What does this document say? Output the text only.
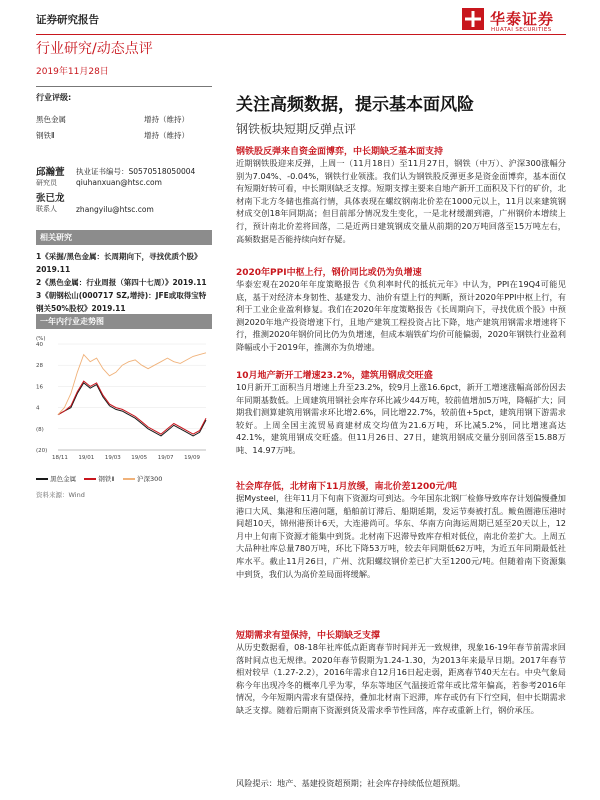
证券研究报告	华泰证券
HUATAI SECURITIES
行业研究/动态点评
2019年11月28日
行业评级:
黑色金属	增持（维持）
钢铁Ⅱ	增持（维持）
邱瀚萱
研究员
执业证书编号：S0570518050004
qiuhanxuan@htsc.com
张已龙
联系人	zhangyilu@htsc.com
相关研究
1《采掘/黑色金属：长周期向下，寻找优质个股》2019.11
2《黑色金属：行业周报（第四十七周）》2019.11
3《朝钢松山(000717 SZ,增持)：JFE或取得宝特钢关50%股权》2019.11
一年内行业走势图
(%)
40
28
16
4
(8)
(20)
18/11 19/01 19/03 19/05 19/07 19/09
黑色金属	钢铁Ⅱ	沪深300
资料来源：Wind
关注高频数据，提示基本面风险
钢铁板块短期反弹点评
钢铁股反弹来自资金面博弈，中长期缺乏基本面支持

近期钢铁股迎来反弹，上周一（11月18日）至11月27日，钢铁（中万）、沪深300涨幅分别为7.04%、-0.04%，钢铁行业领涨。我们认为钢铁股反弹更多是资金面博弈，基本面仅有短期好转可看，中长期则缺乏支撑。短期支撑主要来自地产新开工面积及下行的矿价，北材南下北方冬储也推高行情，具体表现在螺纹钢南北价差在1000元以上，11月以来建筑钢材成交创18年同期高；但目前部分情况发生变化，一是北材缓潮到港，广州钢价本增续上行，预计南北价差将回落，二是近两日建筑钢成交量从前期的20万吨回落至15万吨左右，高频数据是否能持续向好存疑。

2020年PPI中枢上行，钢价同比或仍为负增速

华泰宏观在2020年年度策略报告《负利率时代的抵抗元年》中认为，PPI在19Q4可能见底，基于对经济本身韧性、基建发力、油价有望上行的判断，预计2020年PPI中枢上行，有利于工业企业盈利修复。我们在2020年年度策略报告《长周期向下，寻找优质个股》中预测2020年地产投资增速下行，且地产建筑工程投资占比下降，地产建筑用钢需求增速将下行，推测2020年钢价同比仍为负增速，但成本端铁矿均价可能偏弱，2020年钢铁行业盈利降幅或小于2019年，推测亦为负增速。

10月地产新开工增速23.2%，建筑用钢成交旺盛

10月新开工面积当月增速上升至23.2%，较9月上涨16.6pct，新开工增速涨幅高部份因去年同期基数低。上周建筑用钢社会库存环比减少44万吨，较前值增加5万吨，降幅扩大；同期我们测算建筑用钢需求环比增2.6%，同比增22.7%，较前值+5pct，建筑用钢下游需求较好。上周全国主流贸易商建材成交均值为21.6万吨，环比减5.2%，同比增速高达42.1%，建筑用钢成交旺盛。但11月26日、27日，建筑用钢成交量分别回落至15.88万吨、14.97万吨。

社会库存低，北材南下11月放缓，南北价差1200元/吨

据Mysteel，往年11月下旬南下资源均可到达。今年国东北钢厂检修导致库存计划偏慢叠加港口大风、集港和压港问题，船舶前订滞后、船期延期，发运节奏被打乱。鲅鱼圈港压港时间超10天，锦州港预计6天，大连港尚可。华东、华南方向海运周期已延至20天以上，12月中上旬南下资源才能集中到货。北材南下迟滞导致库存相对低位，南北价差扩大。上周五大品种社库总量780万吨，环比下降53万吨，较去年同期低62万吨，为近五年同期最低社库水平。截止11月26日，广州、沈阳螺纹钢价差已扩大至1200元/吨。但随着南下资源集中到货，我们认为高价差局面将缓解。

短期需求有望保持，中长期缺乏支撑

从历史数据看，08-18年社库低点距离春节时间并无一致规律，现象16-19年春节前需求回落时间点也无规律。2020年春节假期为1.24-1.30，为2013年来最早日期。2017年春节相对较早（1.27-2.2），2016年需求自12月16日起走弱，距离春节40天左右。中央气象局称今年出现冷冬的概率几乎为零，华东等地区气温接近常年或比常年偏高，若参考2016年情况，今年短期内需求有望保持，叠加北材南下迟滞，库存或仍有下行空间，但中长期需求缺乏支撑。随着后期南下资源到货及需求季节性回落，库存或重新上行，钢价承压。

风险提示：地产、基建投资超预期；社会库存持续低位超预期。
